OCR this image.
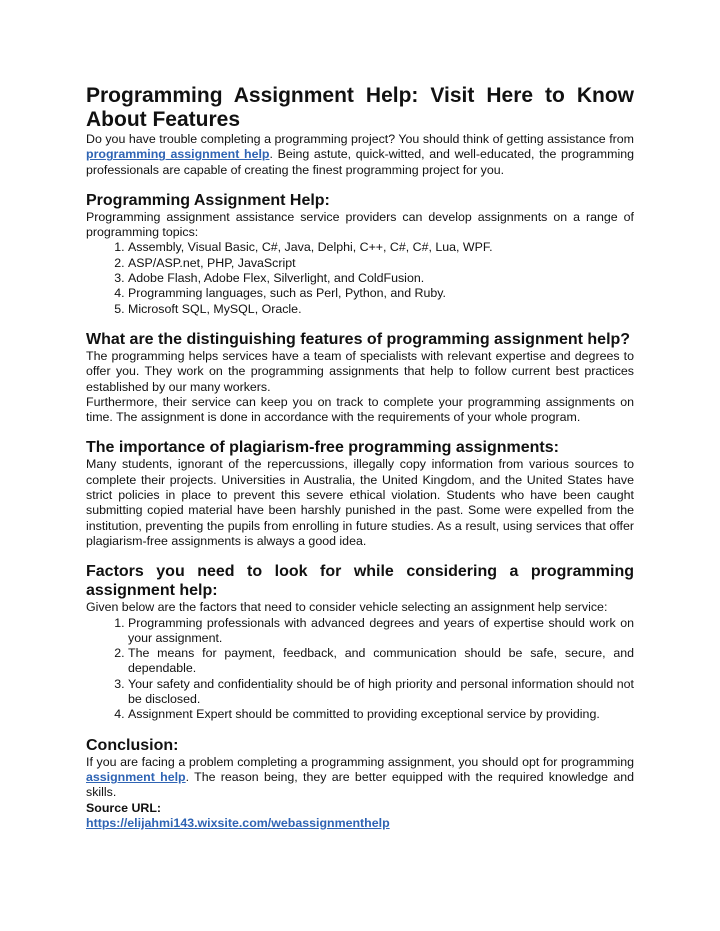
Programming Assignment Help: Visit Here to Know About Features

Do you have trouble completing a programming project? You should think of getting assistance from programming assignment help. Being astute, quick-witted, and well-educated, the programming professionals are capable of creating the finest programming project for you.

Programming Assignment Help:

Programming assignment assistance service providers can develop assignments on a range of programming topics:

1. Assembly, Visual Basic, C#, Java, Delphi, C++, C#, C#, Lua, WPF.
2. ASP/ASP.net, PHP, JavaScript
3. Adobe Flash, Adobe Flex, Silverlight, and ColdFusion.
4. Programming languages, such as Perl, Python, and Ruby.
5. Microsoft SQL, MySQL, Oracle.
What are the distinguishing features of programming assignment help?

The programming helps services have a team of specialists with relevant expertise and degrees to offer you. They work on the programming assignments that help to follow current best practices established by our many workers.

Furthermore, their service can keep you on track to complete your programming assignments on time. The assignment is done in accordance with the requirements of your whole program.

The importance of plagiarism-free programming assignments:

Many students, ignorant of the repercussions, illegally copy information from various sources to complete their projects. Universities in Australia, the United Kingdom, and the United States have strict policies in place to prevent this severe ethical violation. Students who have been caught submitting copied material have been harshly punished in the past. Some were expelled from the institution, preventing the pupils from enrolling in future studies. As a result, using services that offer plagiarism-free assignments is always a good idea.

Factors you need to look for while considering a programming assignment help:

Given below are the factors that need to consider vehicle selecting an assignment help service:

1. Programming professionals with advanced degrees and years of expertise should work on your assignment.
2. The means for payment, feedback, and communication should be safe, secure, and dependable.
3. Your safety and confidentiality should be of high priority and personal information should not be disclosed.
4. Assignment Expert should be committed to providing exceptional service by providing.
Conclusion:

If you are facing a problem completing a programming assignment, you should opt for programming assignment help. The reason being, they are better equipped with the required knowledge and skills.

Source URL:

https://elijahmi143.wixsite.com/webassignmenthelp
